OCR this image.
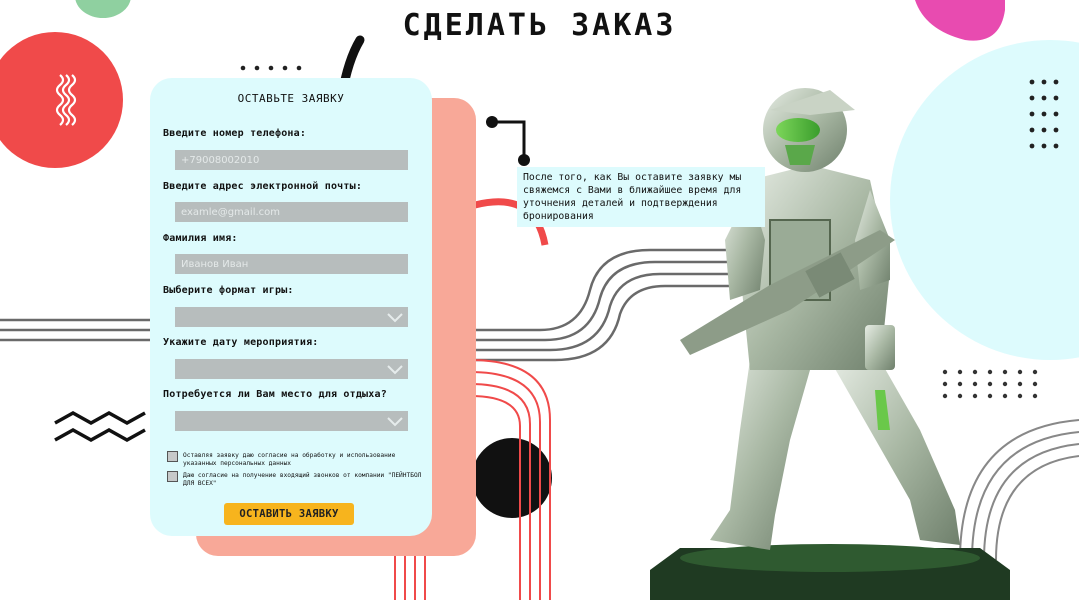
СДЕЛАТЬ ЗАКАЗ
ОСТАВЬТЕ ЗАЯВКУ
Введите номер телефона:
+79008002010
Введите адрес электронной почты:
examle@gmail.com
Фамилия имя:
Иванов Иван
Выберите формат игры:
Укажите дату мероприятия:
Потребуется ли Вам место для отдыха?
Оставляя заявку даю согласие на обработку и использование указанных персональных данных
Даю согласие на получение входящий звонков от компании "ПЕЙНТБОЛ ДЛЯ ВСЕХ"
ОСТАВИТЬ ЗАЯВКУ
После того, как Вы оставите заявку мы свяжемся с Вами в ближайшее время для уточнения деталей и подтверждения бронирования
